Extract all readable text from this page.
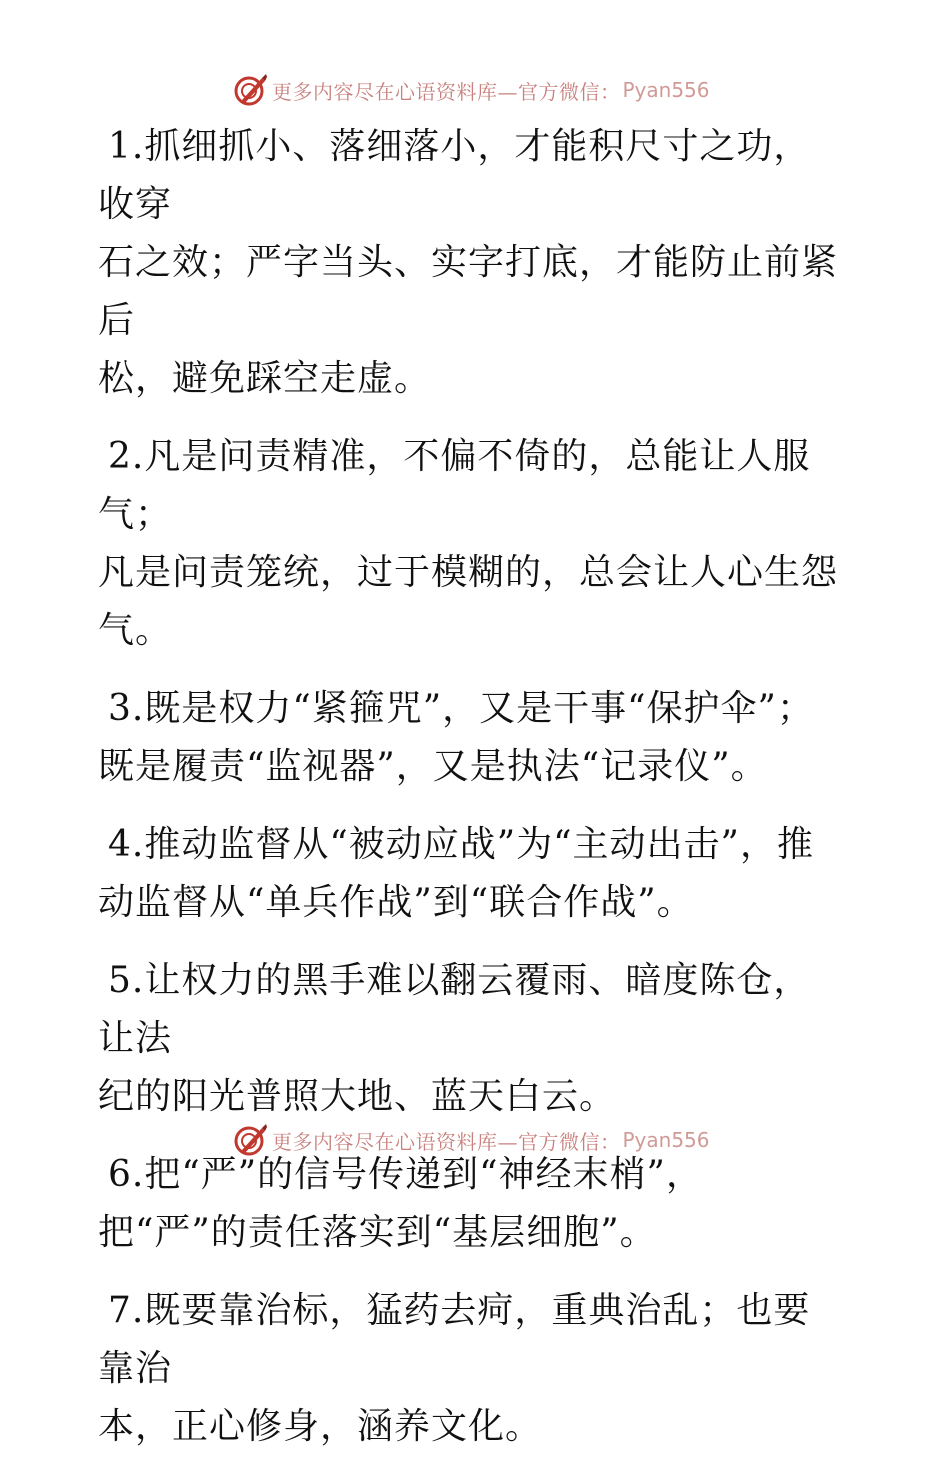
更多内容尽在心语资料库—官方微信： Pyan556

1.抓细抓小、落细落小，才能积尺寸之功，收穿
石之效；严字当头、实字打底，才能防止前紧后
松，避免踩空走虚。

2.凡是问责精准，不偏不倚的，总能让人服气；
凡是问责笼统，过于模糊的，总会让人心生怨气。

3.既是权力“紧箍咒”，又是干事“保护伞”；
既是履责“监视器”，又是执法“记录仪”。

4.推动监督从“被动应战”为“主动出击”，推
动监督从“单兵作战”到“联合作战”。

5.让权力的黑手难以翻云覆雨、暗度陈仓，让法
纪的阳光普照大地、蓝天白云。

6.把“严”的信号传递到“神经末梢”，
把“严”的责任落实到“基层细胞”。

7.既要靠治标，猛药去疴，重典治乱；也要靠治
本，正心修身，涵养文化。

更多内容尽在心语资料库—官方微信： Pyan556
